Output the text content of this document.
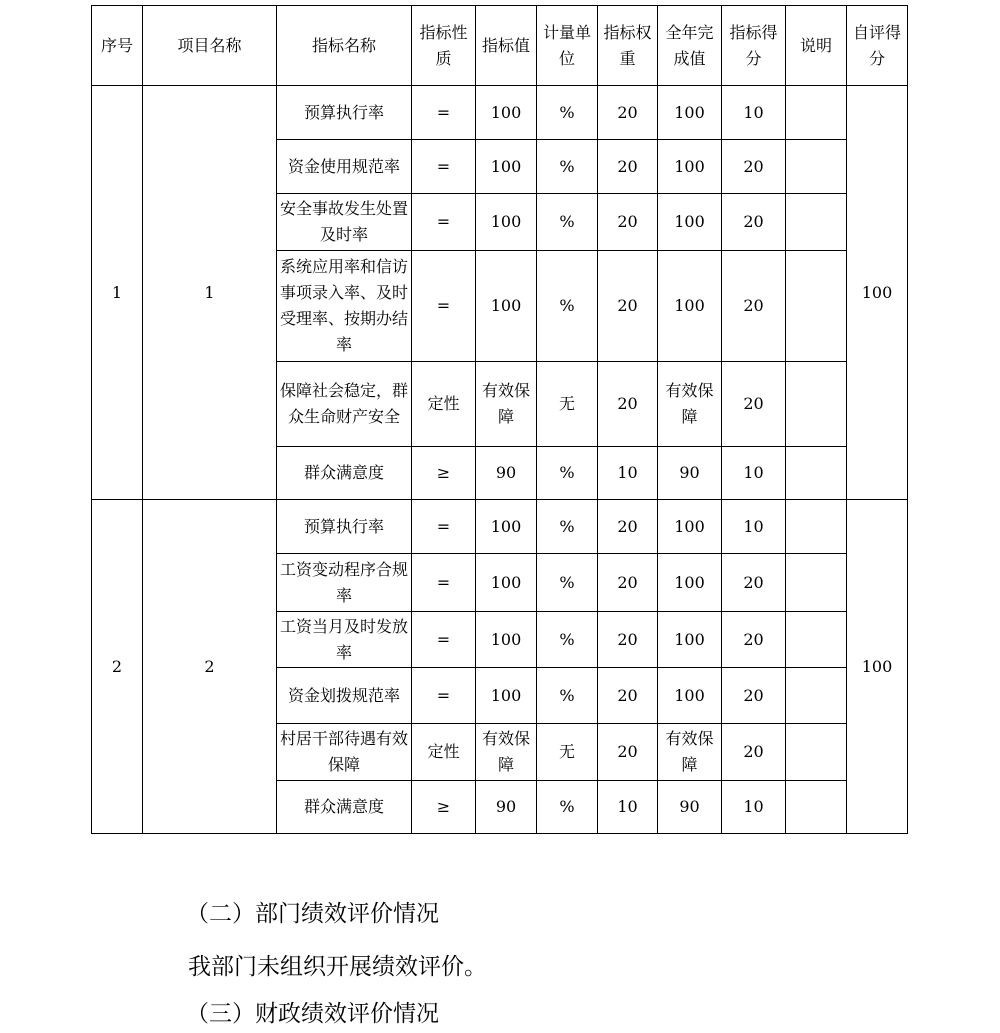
序号	项目名称	指标名称	指标性质	指标值	计量单位	指标权重	全年完成值	指标得分	说明	自评得分
1	1	预算执行率	=	100	%	20	100	10		100
		资金使用规范率	=	100	%	20	100	20		
		安全事故发生处置及时率	=	100	%	20	100	20		
		系统应用率和信访事项录入率、及时受理率、按期办结率	=	100	%	20	100	20		
		保障社会稳定，群众生命财产安全	定性	有效保障	无	20	有效保障	20		
		群众满意度	≥	90	%	10	90	10		
2	2	预算执行率	=	100	%	20	100	10		100
		工资变动程序合规率	=	100	%	20	100	20		
		工资当月及时发放率	=	100	%	20	100	20		
		资金划拨规范率	=	100	%	20	100	20		
		村居干部待遇有效保障	定性	有效保障	无	20	有效保障	20		
		群众满意度	≥	90	%	10	90	10		
（二）部门绩效评价情况
我部门未组织开展绩效评价。
（三）财政绩效评价情况
